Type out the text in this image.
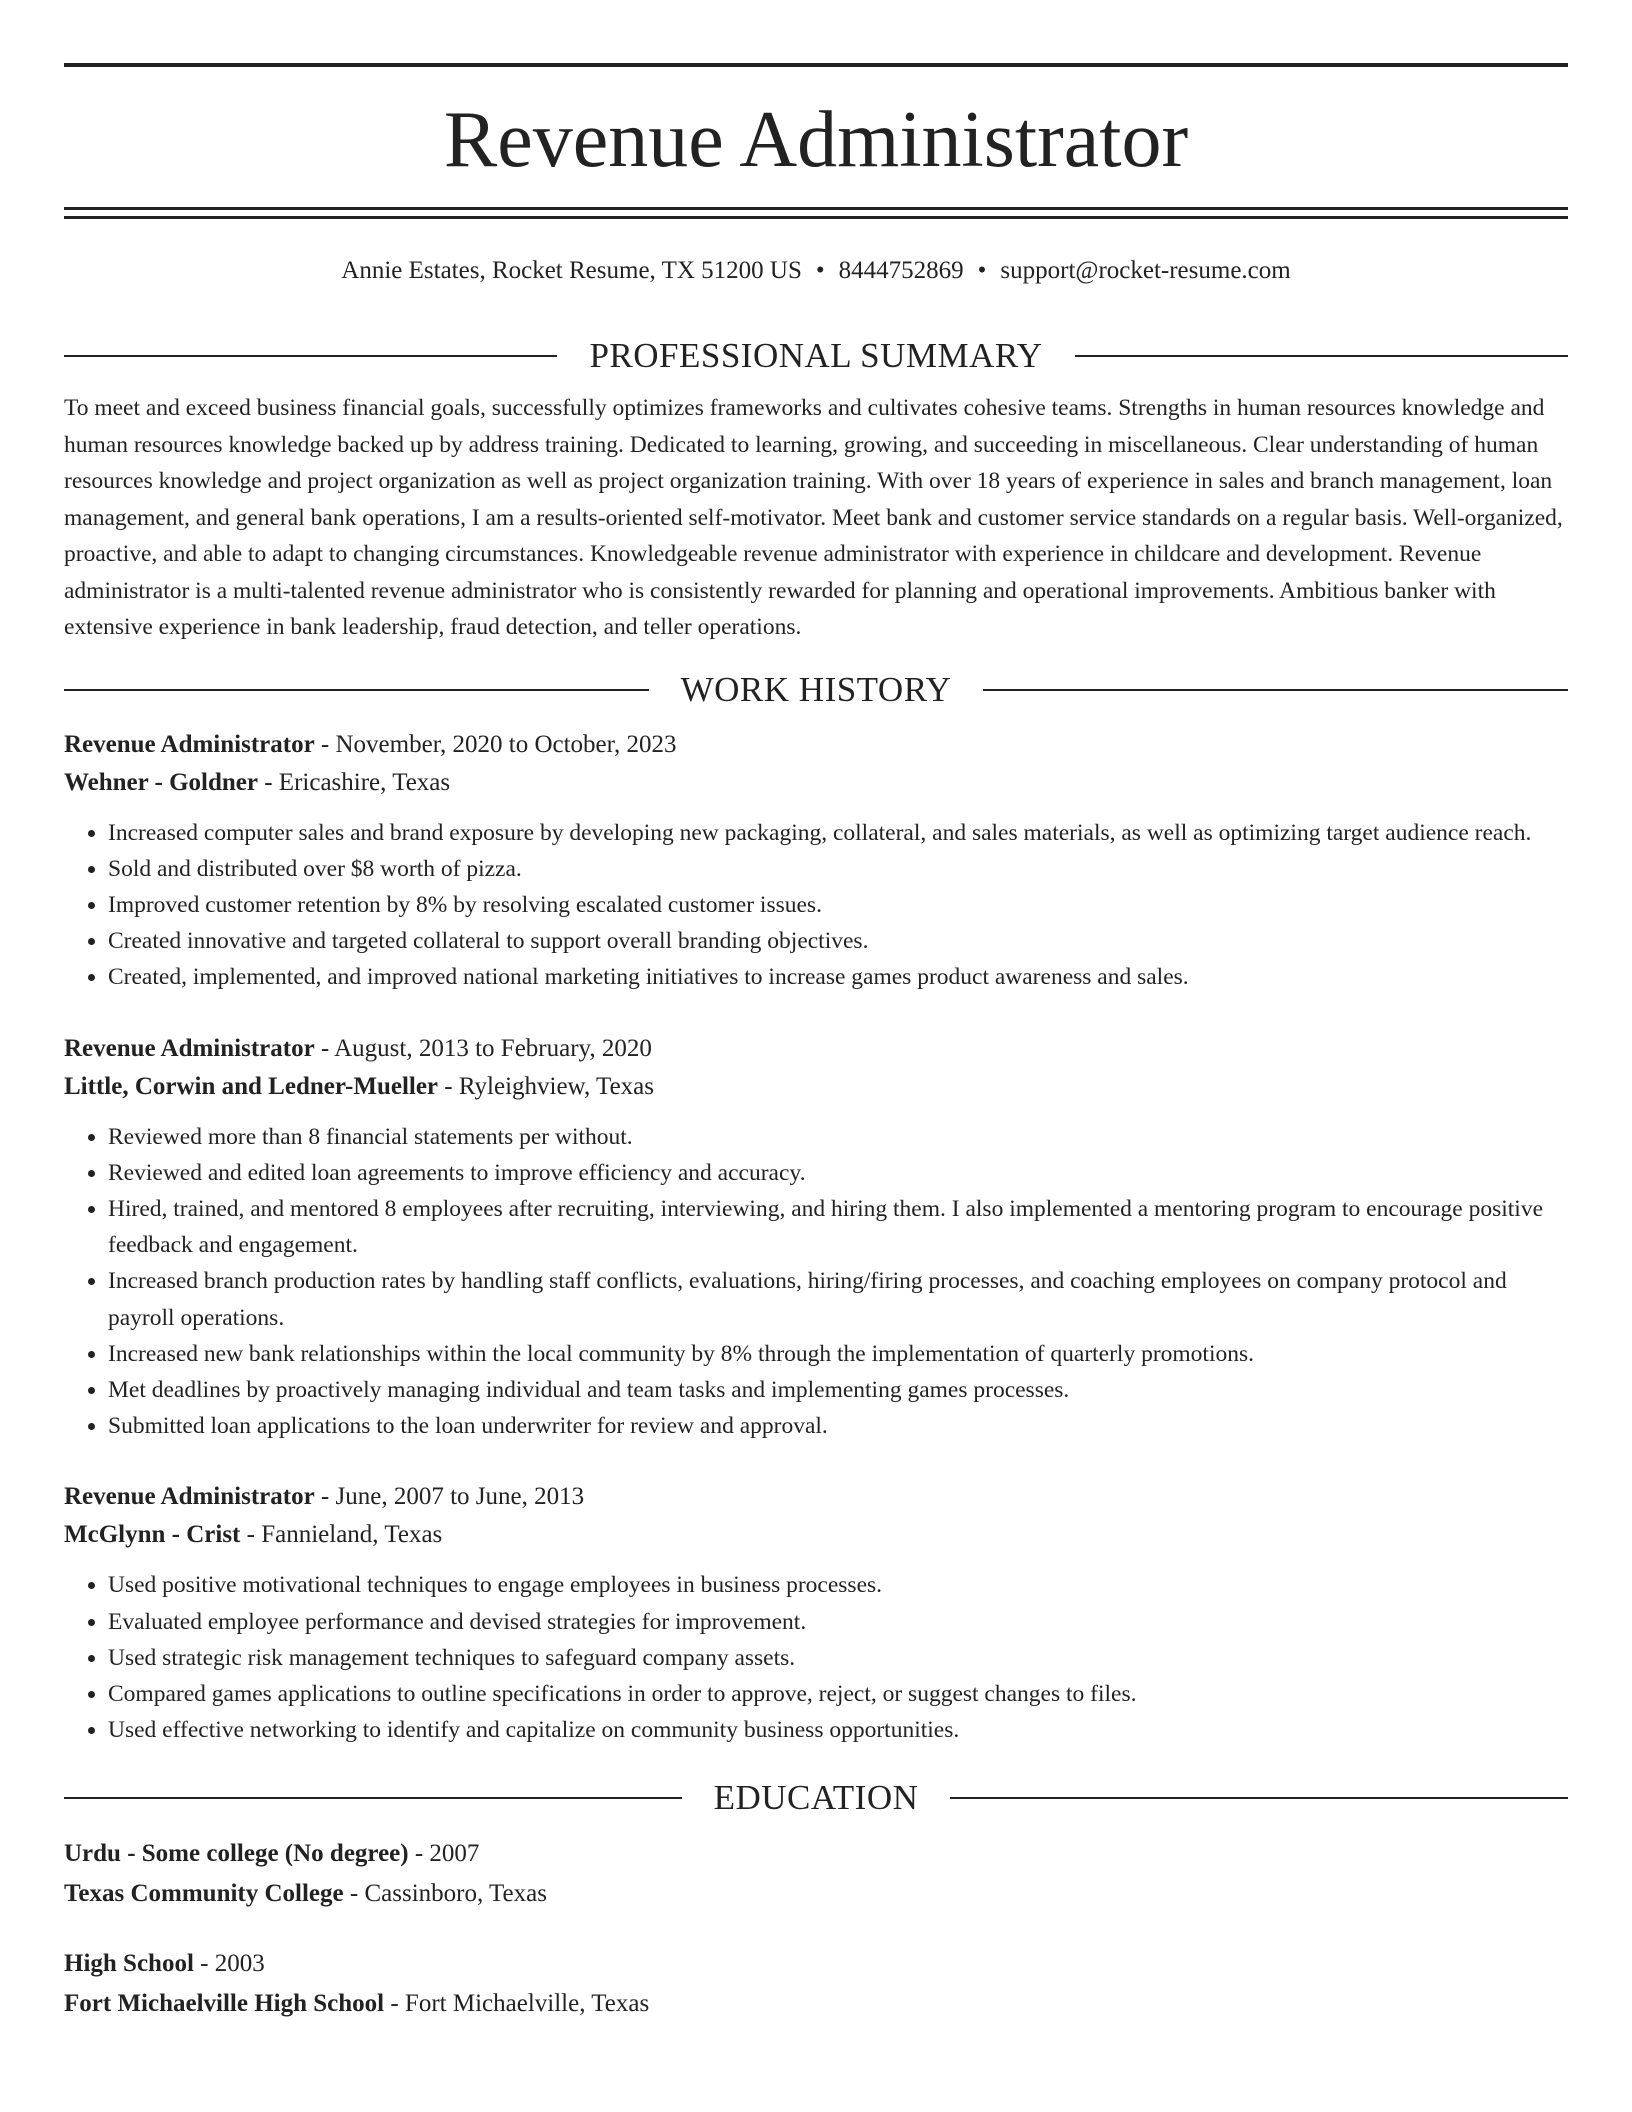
Revenue Administrator
Annie Estates, Rocket Resume, TX 51200 US • 8444752869 • support@rocket-resume.com
PROFESSIONAL SUMMARY

To meet and exceed business financial goals, successfully optimizes frameworks and cultivates cohesive teams. Strengths in human resources knowledge and human resources knowledge backed up by address training. Dedicated to learning, growing, and succeeding in miscellaneous. Clear understanding of human resources knowledge and project organization as well as project organization training. With over 18 years of experience in sales and branch management, loan management, and general bank operations, I am a results-oriented self-motivator. Meet bank and customer service standards on a regular basis. Well-organized, proactive, and able to adapt to changing circumstances. Knowledgeable revenue administrator with experience in childcare and development. Revenue administrator is a multi-talented revenue administrator who is consistently rewarded for planning and operational improvements. Ambitious banker with extensive experience in bank leadership, fraud detection, and teller operations.

WORK HISTORY
Revenue Administrator - November, 2020 to October, 2023
Wehner - Goldner - Ericashire, Texas
• Increased computer sales and brand exposure by developing new packaging, collateral, and sales materials, as well as optimizing target audience reach.
• Sold and distributed over $8 worth of pizza.
• Improved customer retention by 8% by resolving escalated customer issues.
• Created innovative and targeted collateral to support overall branding objectives.
• Created, implemented, and improved national marketing initiatives to increase games product awareness and sales.
Revenue Administrator - August, 2013 to February, 2020
Little, Corwin and Ledner-Mueller - Ryleighview, Texas
• Reviewed more than 8 financial statements per without.
• Reviewed and edited loan agreements to improve efficiency and accuracy.
• Hired, trained, and mentored 8 employees after recruiting, interviewing, and hiring them. I also implemented a mentoring program to encourage positive feedback and engagement.
• Increased branch production rates by handling staff conflicts, evaluations, hiring/firing processes, and coaching employees on company protocol and payroll operations.
• Increased new bank relationships within the local community by 8% through the implementation of quarterly promotions.
• Met deadlines by proactively managing individual and team tasks and implementing games processes.
• Submitted loan applications to the loan underwriter for review and approval.
Revenue Administrator - June, 2007 to June, 2013
McGlynn - Crist - Fannieland, Texas
• Used positive motivational techniques to engage employees in business processes.
• Evaluated employee performance and devised strategies for improvement.
• Used strategic risk management techniques to safeguard company assets.
• Compared games applications to outline specifications in order to approve, reject, or suggest changes to files.
• Used effective networking to identify and capitalize on community business opportunities.
EDUCATION
Urdu - Some college (No degree) - 2007
Texas Community College - Cassinboro, Texas
High School - 2003
Fort Michaelville High School - Fort Michaelville, Texas
